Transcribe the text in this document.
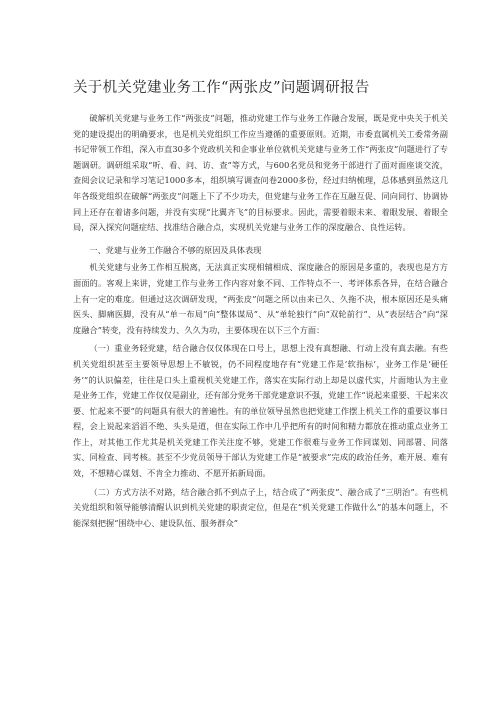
关于机关党建业务工作“两张皮”问题调研报告

破解机关党建与业务工作“两张皮”问题，推动党建工作与业务工作融合发展，既是党中央关于机关党的建设提出的明确要求，也是机关党组织工作应当遵循的重要原则。近期，市委直属机关工委常务副书记带领工作组，深入市直30多个党政机关和企事业单位就机关党建与业务工作“两张皮”问题进行了专题调研。调研组采取“听、看、问、访、查”等方式，与600名党员和党务干部进行了面对面座谈交流，查阅会议记录和学习笔记1000多本，组织填写调查问卷2000多份，经过归纳梳理，总体感到虽然这几年各级党组织在破解“两张皮”问题上下了不少功夫，但党建与业务工作在互融互促、同向同行、协调协同上还存在着诸多问题，并没有实现“比翼齐飞”的目标要求。因此，需要着眼未来、着眼发展、着眼全局，深入探究问题症结、找准结合融合点，实现机关党建与业务工作的深度融合、良性运转。

一、党建与业务工作融合不够的原因及具体表现

机关党建与业务工作相互脱离，无法真正实现相辅相成、深度融合的原因是多重的，表现也是方方面面的。客观上来讲，党建工作与业务工作内容对象不同、工作特点不一、考评体系各异，在结合融合上有一定的难度。但通过这次调研发现，“两张皮”问题之所以由来已久、久拖不决，根本原因还是头痛医头、脚痛医脚，没有从“单一布局”向“整体谋局”、从“单轮独行”向“双轮前行”、从“表层结合”向“深度融合”转变，没有持续发力、久久为功，主要体现在以下三个方面：

（一）重业务轻党建，结合融合仅仅体现在口号上，思想上没有真想融、行动上没有真去融。有些机关党组织甚至主要领导思想上不敏锐，仍不同程度地存有“党建工作是‘软指标’，业务工作是‘硬任务’”的认识偏差，往往是口头上重视机关党建工作，落实在实际行动上却是以虚代实，片面地认为主业是业务工作，党建工作仅仅是副业，还有部分党务干部党建意识不强，党建工作“说起来重要、干起来次要、忙起来不要”的问题具有很大的普遍性。有的单位领导虽然也把党建工作摆上机关工作的重要议事日程，会上说起来滔滔不绝、头头是道，但在实际工作中几乎把所有的时间和精力都放在推动重点业务工作上，对其他工作尤其是机关党建工作关注度不够，党建工作很难与业务工作同谋划、同部署、同落实、同检查、同考核。甚至不少党员领导干部认为党建工作是“被要求”完成的政治任务，难开展、难有效，不想精心谋划、不肯全力推动、不愿开拓新局面。

（二）方式方法不对路，结合融合抓不到点子上，结合成了“两张皮”、融合成了“三明治”。有些机关党组织和领导能够清醒认识到机关党建的职责定位，但是在“机关党建工作做什么”的基本问题上，不能深刻把握“围绕中心、建设队伍、服务群众”
